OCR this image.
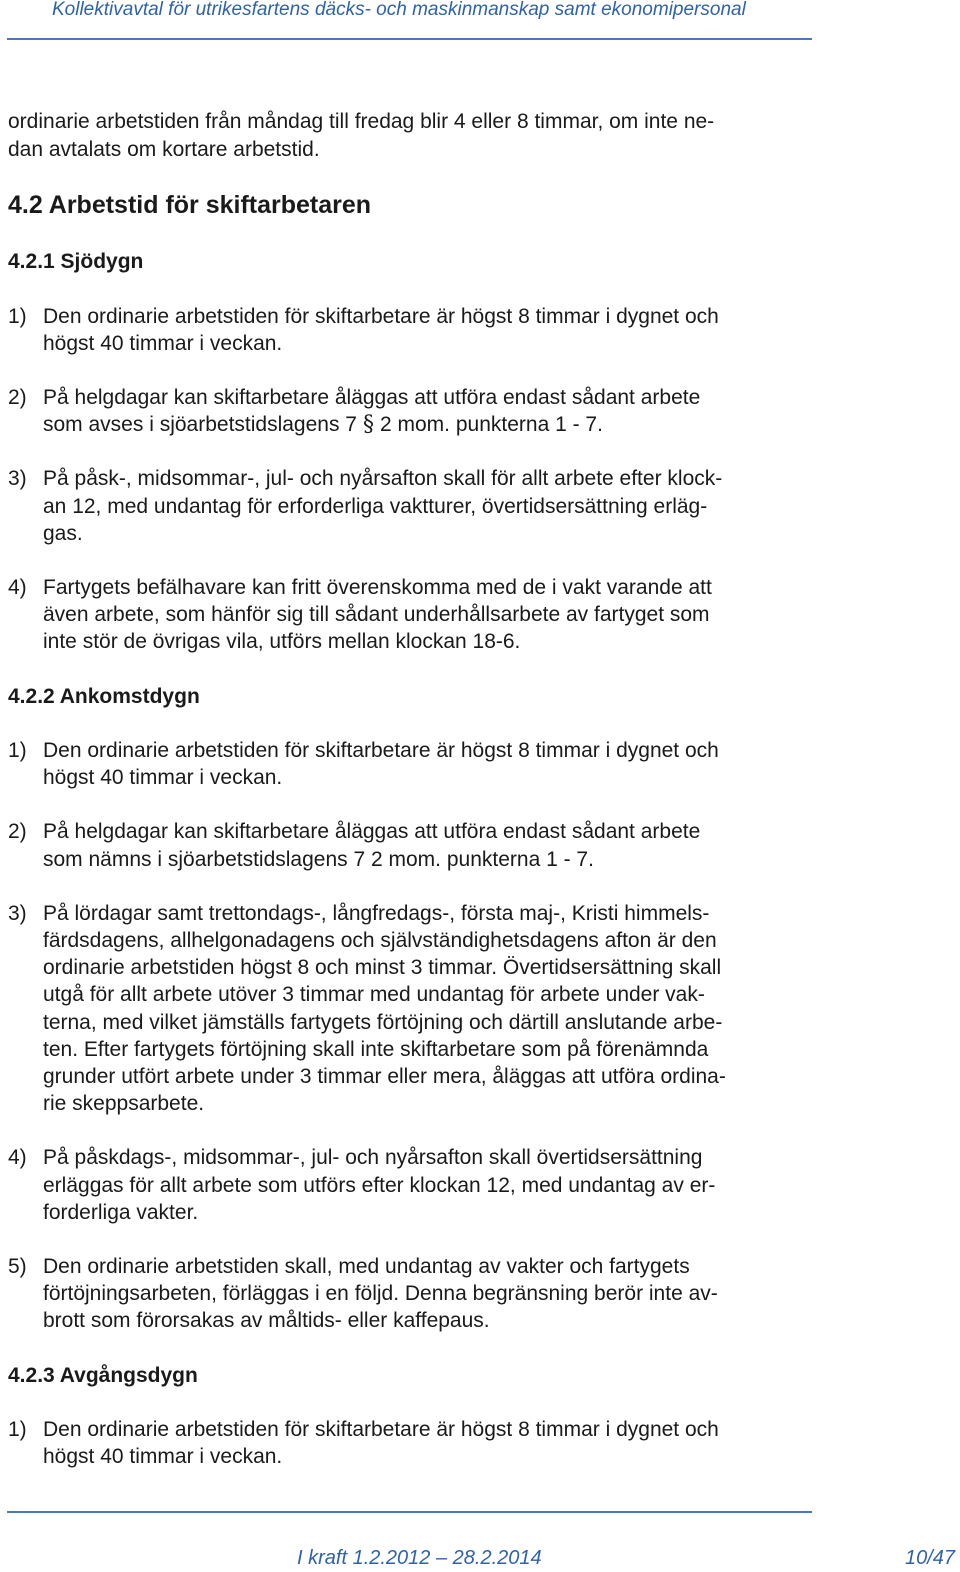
Kollektivavtal för utrikesfartens däcks- och maskinmanskap samt ekonomipersonal

ordinarie arbetstiden från måndag till fredag blir 4 eller 8 timmar, om inte ne-
dan avtalats om kortare arbetstid.

4.2 Arbetstid för skiftarbetaren

4.2.1 Sjödygn

1) Den ordinarie arbetstiden för skiftarbetare är högst 8 timmar i dygnet och
högst 40 timmar i veckan.
2) På helgdagar kan skiftarbetare åläggas att utföra endast sådant arbete
som avses i sjöarbetstidslagens 7 § 2 mom. punkterna 1 - 7.
3) På påsk-, midsommar-, jul- och nyårsafton skall för allt arbete efter klock-
an 12, med undantag för erforderliga vaktturer, övertidsersättning erläg-
gas.
4) Fartygets befälhavare kan fritt överenskomma med de i vakt varande att
även arbete, som hänför sig till sådant underhållsarbete av fartyget som
inte stör de övrigas vila, utförs mellan klockan 18-6.

4.2.2 Ankomstdygn

1) Den ordinarie arbetstiden för skiftarbetare är högst 8 timmar i dygnet och
högst 40 timmar i veckan.
2) På helgdagar kan skiftarbetare åläggas att utföra endast sådant arbete
som nämns i sjöarbetstidslagens 7 2 mom. punkterna 1 - 7.
3) På lördagar samt trettondags-, långfredags-, första maj-, Kristi himmels-
färdsdagens, allhelgonadagens och självständighetsdagens afton är den
ordinarie arbetstiden högst 8 och minst 3 timmar. Övertidsersättning skall
utgå för allt arbete utöver 3 timmar med undantag för arbete under vak-
terna, med vilket jämställs fartygets förtöjning och därtill anslutande arbe-
ten. Efter fartygets förtöjning skall inte skiftarbetare som på förenämnda
grunder utfört arbete under 3 timmar eller mera, åläggas att utföra ordina-
rie skeppsarbete.
4) På påskdags-, midsommar-, jul- och nyårsafton skall övertidsersättning
erläggas för allt arbete som utförs efter klockan 12, med undantag av er-
forderliga vakter.
5) Den ordinarie arbetstiden skall, med undantag av vakter och fartygets
förtöjningsarbeten, förläggas i en följd. Denna begränsning berör inte av-
brott som förorsakas av måltids- eller kaffepaus.

4.2.3 Avgångsdygn

1) Den ordinarie arbetstiden för skiftarbetare är högst 8 timmar i dygnet och
högst 40 timmar i veckan.
I kraft 1.2.2012 – 28.2.2014	10/47
